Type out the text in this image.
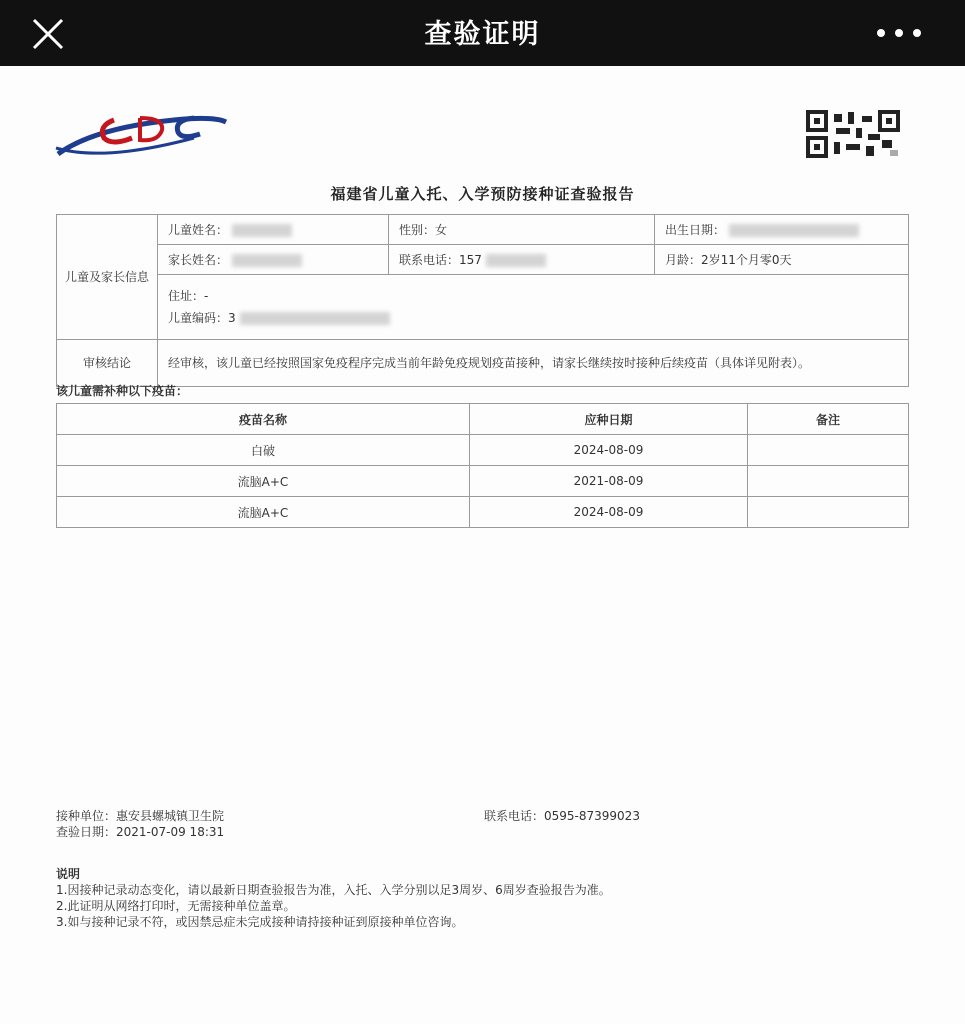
查验证明
福建省儿童入托、入学预防接种证查验报告
儿童及家长信息	儿童姓名：	性别：女	出生日期：
	家长姓名：	联系电话：157	月龄：2岁11个月零0天

	住址：-
儿童编码：3		

审核结论	经审核，该儿童已经按照国家免疫程序完成当前年龄免疫规划疫苗接种，请家长继续按时接种后续疫苗（具体详见附表）。		
该儿童需补种以下疫苗：
疫苗名称	应种日期	备注
白破	2024-08-09	
流脑A+C	2021-08-09	
流脑A+C	2024-08-09	
接种单位：惠安县螺城镇卫生院
查验日期：2021-07-09 18:31
联系电话：0595-87399023
说明
1.因接种记录动态变化，请以最新日期查验报告为准，入托、入学分别以足3周岁、6周岁查验报告为准。
2.此证明从网络打印时，无需接种单位盖章。
3.如与接种记录不符，或因禁忌症未完成接种请持接种证到原接种单位咨询。
